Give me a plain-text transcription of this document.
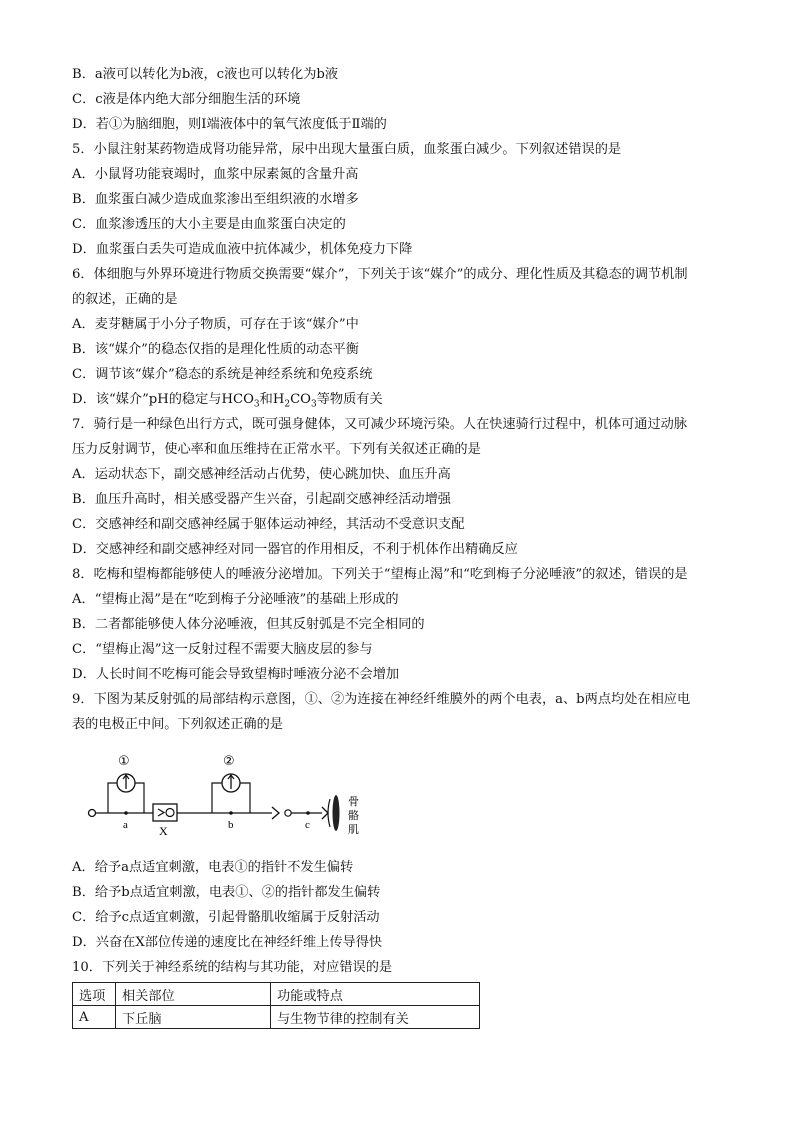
B．a液可以转化为b液，c液也可以转化为b液
C．c液是体内绝大部分细胞生活的环境
D．若①为脑细胞，则Ⅰ端液体中的氧气浓度低于Ⅱ端的
5．小鼠注射某药物造成肾功能异常，尿中出现大量蛋白质，血浆蛋白减少。下列叙述错误的是
A．小鼠肾功能衰竭时，血浆中尿素氮的含量升高
B．血浆蛋白减少造成血浆渗出至组织液的水增多
C．血浆渗透压的大小主要是由血浆蛋白决定的
D．血浆蛋白丢失可造成血液中抗体减少，机体免疫力下降
6．体细胞与外界环境进行物质交换需要“媒介”，下列关于该“媒介”的成分、理化性质及其稳态的调节机制
的叙述，正确的是
A．麦芽糖属于小分子物质，可存在于该“媒介”中
B．该“媒介”的稳态仅指的是理化性质的动态平衡
C．调节该“媒介”稳态的系统是神经系统和免疫系统
D．该“媒介”pH的稳定与$HCO_3$和$H_2CO_3$等物质有关
7．骑行是一种绿色出行方式，既可强身健体，又可减少环境污染。人在快速骑行过程中，机体可通过动脉
压力反射调节，使心率和血压维持在正常水平。下列有关叙述正确的是
A．运动状态下，副交感神经活动占优势，使心跳加快、血压升高
B．血压升高时，相关感受器产生兴奋，引起副交感神经活动增强
C．交感神经和副交感神经属于躯体运动神经，其活动不受意识支配
D．交感神经和副交感神经对同一器官的作用相反，不利于机体作出精确反应
8．吃梅和望梅都能够使人的唾液分泌增加。下列关于“望梅止渴”和“吃到梅子分泌唾液”的叙述，错误的是
A．“望梅止渴”是在“吃到梅子分泌唾液”的基础上形成的
B．二者都能够使人体分泌唾液，但其反射弧是不完全相同的
C．“望梅止渴”这一反射过程不需要大脑皮层的参与
D．人长时间不吃梅可能会导致望梅时唾液分泌不会增加
9．下图为某反射弧的局部结构示意图，①、②为连接在神经纤维膜外的两个电表，a、b两点均处在相应电
表的电极正中间。下列叙述正确的是
X
骨
骼
肌
①
a
②
b	c
A．给予a点适宜刺激，电表①的指针不发生偏转
B．给予b点适宜刺激，电表①、②的指针都发生偏转
C．给予c点适宜刺激，引起骨骼肌收缩属于反射活动
D．兴奋在X部位传递的速度比在神经纤维上传导得快
10．下列关于神经系统的结构与其功能，对应错误的是
选项	相关部位	功能或特点
A	下丘脑	与生物节律的控制有关
